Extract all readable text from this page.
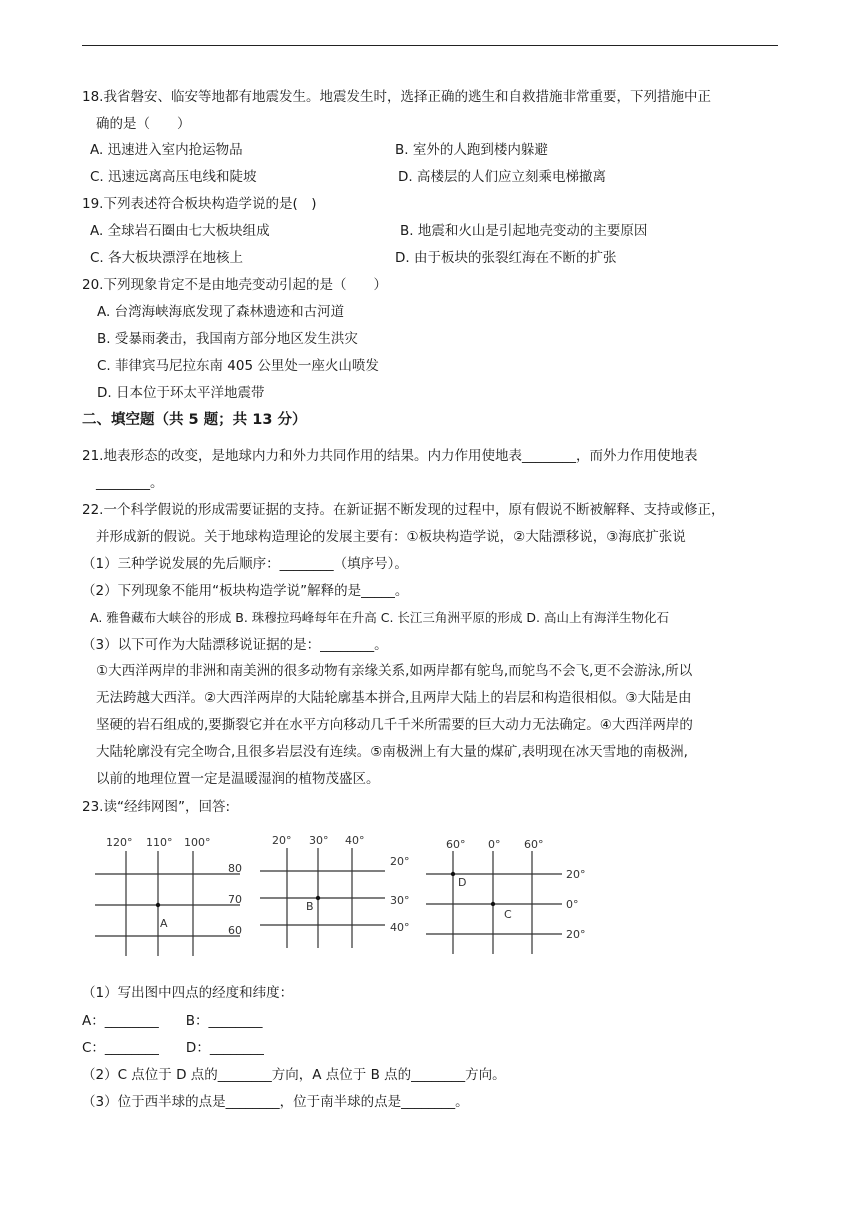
18.我省磐安、临安等地都有地震发生。地震发生时，选择正确的逃生和自救措施非常重要，下列措施中正
确的是（　　）
A. 迅速进入室内抢运物品	B. 室外的人跑到楼内躲避
C. 迅速远离高压电线和陡坡	D. 高楼层的人们应立刻乘电梯撤离
19.下列表述符合板块构造学说的是(　)
A. 全球岩石圈由七大板块组成	B. 地震和火山是引起地壳变动的主要原因
C. 各大板块漂浮在地核上	D. 由于板块的张裂红海在不断的扩张
20.下列现象肯定不是由地壳变动引起的是（　　）
A. 台湾海峡海底发现了森林遗迹和古河道
B. 受暴雨袭击，我国南方部分地区发生洪灾
C. 菲律宾马尼拉东南 405 公里处一座火山喷发
D. 日本位于环太平洋地震带
二、填空题（共 5 题；共 13 分）
21.地表形态的改变，是地球内力和外力共同作用的结果。内力作用使地表________，而外力作用使地表
________。
22.一个科学假说的形成需要证据的支持。在新证据不断发现的过程中，原有假说不断被解释、支持或修正，
并形成新的假说。关于地球构造理论的发展主要有：①板块构造学说，②大陆漂移说，③海底扩张说
（1）三种学说发展的先后顺序：________（填序号）。
（2）下列现象不能用“板块构造学说”解释的是_____。
A. 雅鲁藏布大峡谷的形成 B. 珠穆拉玛峰每年在升高 C. 长江三角洲平原的形成 D. 高山上有海洋生物化石
（3）以下可作为大陆漂移说证据的是：________。
①大西洋两岸的非洲和南美洲的很多动物有亲缘关系,如两岸都有鸵鸟,而鸵鸟不会飞,更不会游泳,所以
无法跨越大西洋。②大西洋两岸的大陆轮廓基本拼合,且两岸大陆上的岩层和构造很相似。③大陆是由
坚硬的岩石组成的,要撕裂它并在水平方向移动几千千米所需要的巨大动力无法确定。④大西洋两岸的
大陆轮廓没有完全吻合,且很多岩层没有连续。⑤南极洲上有大量的煤矿,表明现在冰天雪地的南极洲,
以前的地理位置一定是温暖湿润的植物茂盛区。
23.读“经纬网图”，回答:
120° 110° 100°
80
70
60
A
20° 30° 40°
20°
30°
40°
B
60° 0° 60°
20°
0°
20°
D
C
（1）写出图中四点的经度和纬度：
A：________　　B：________
C：________　　D：________
（2）C 点位于 D 点的________方向，A 点位于 B 点的________方向。
（3）位于西半球的点是________，位于南半球的点是________。
